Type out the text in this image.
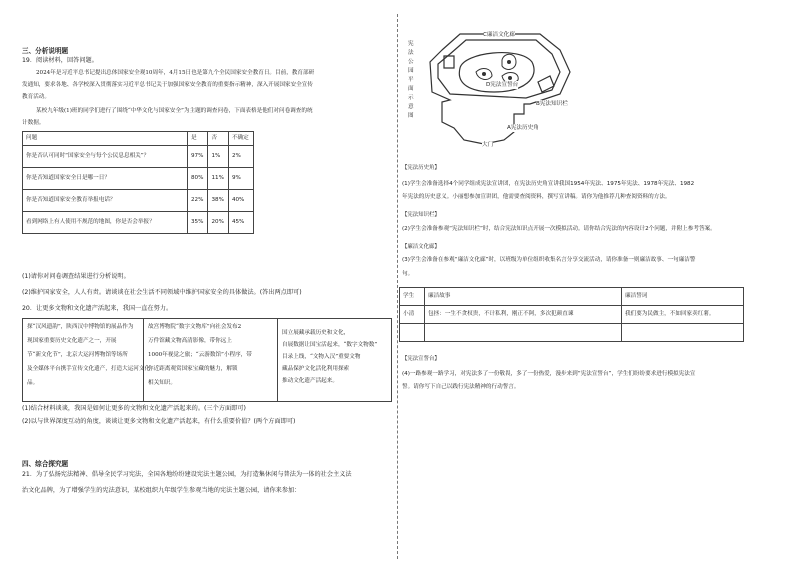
三、分析说明题
19．阅读材料，回答问题。
2024年是习近平总书记提出总体国家安全观10周年，4月15日也是第九个全民国家安全教育日。目前，教育部研
发通知，要求各地、各学校深入贯彻落实习近平总书记关于加强国家安全教育的重要指示精神，深入开展国家安全宣传
教育活动。
某校九年级(1)班的同学们进行了围绕“中华文化与国家安全”为主题的调查问卷，下面表格是他们对问卷调查的统
计数据。
问题	是	否	不确定
你是否认可同时“国家安全与每个公民息息相关”？	97%	1%	2%
你是否知道国家安全日是哪一日？	80%	11%	9%
你是否知道国家安全教育举报电话？	22%	38%	40%
看到网络上有人使用不规范的地图，你是否会举报？	35%	20%	45%
(1)请你对问卷调查结果进行分析说明。
(2)维护国家安全，人人有责。请谈谈在社会生活不同领域中维护国家安全的具体做法。(答出两点即可)
20．让更多文物和文化遗产活起来，我国一直在努力。
探“汉风遗韵”，陕西汉中博物馆的展品作为
现国家重要历史文化遗产之一，开展
节“新文化节”，北京大运河博物馆等场所
及全媒体平台携手宣传文化遗产，打造大运河文化
品。
故宫博物院“数字文物库”向社会发布2
万件馆藏文物高清影像，带你远上
1000年视觉之旅；“云游数馆”小程序，带
你近距离观赏国家宝藏的魅力，解锁
相关知识。
国立展藏承载历史和文化，
自展数据让国宝活起来，“数字文物数”
目录上线，“文物入汉”重要文物
藏品保护文化活化利用探索
推动文化遗产活起来。
(1)结合材料谈谈，我国是如何让更多的文物和文化遗产活起来的。(三个方面即可)
(2)以与世界深度互动的角度，谈谈让更多文物和文化遗产活起来，有什么重要价值？(两个方面即可)
四、综合探究题
21．为了弘扬宪法精神、倡导全民学习宪法，全国各地纷纷建设宪法主题公园，为打造集休闲与普法为一体的社会主义法
治文化品牌，为了增强学生的宪法意识，某校组织九年级学生参观当地的宪法主题公园，请你来参加：
宪
法
公
园
平
面
示
意
图
C廉洁文化廊
D宪法宣誓台
B宪法知识栏
A宪法历史角
大门
【宪法历史角】
(1)学生会准备选择4个同学组成宪法宣讲团，在宪法历史角宣讲我国1954年宪法、1975年宪法、1978年宪法、1982
年宪法的历史意义。小丽想参加宣讲团，他需要查阅资料，撰写宣讲稿。请你为他推荐几种查阅资料的方法。
【宪法知识栏】
(2)学生会准备参观“宪法知识栏”时，结合宪法知识点开展一次模拟活动。请你结合宪法的内容设计2个问题，并附上参考答案。
【廉洁文化廊】
(3)学生会准备在参观“廉洁文化廊”时，以班级为单位组织收集名言分享交流活动，请你准备一则廉洁故事、一句廉洁警
句。
学生	廉洁故事	廉洁誓词
小清	包拯：一生不贪权贵，不计私利，刚正不阿，多次犯颜直谏	我们要为民做主，不如回家卖红薯。

【宪法宣誓台】
(4)一路参观一路学习，对宪法多了一份敬畏，多了一份热爱，漫步来到“宪法宣誓台”，学生们纷纷要求进行模拟宪法宣
誓。请你写下自己以践行宪法精神的行动誓言。
